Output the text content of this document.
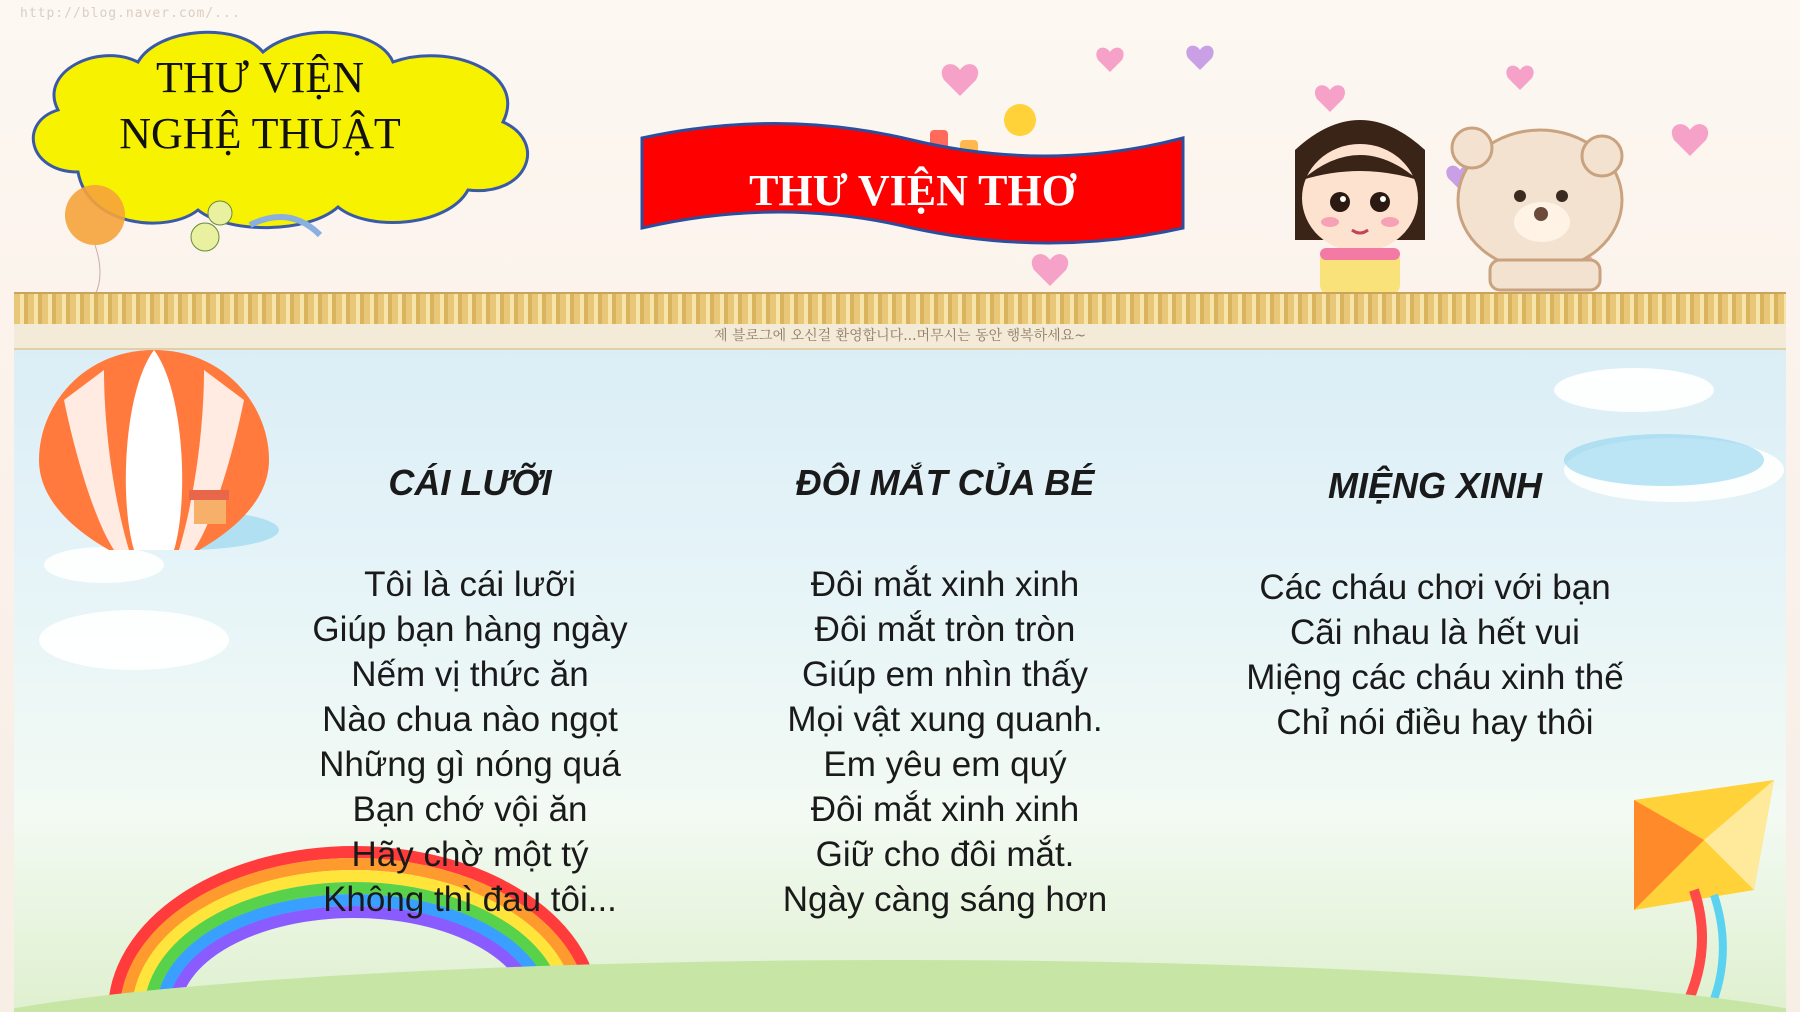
http://blog.naver.com/...
THƯ VIỆN
NGHỆ THUẬT
THƯ VIỆN THƠ
제 블로그에 오신걸 환영합니다...머무시는 동안 행복하세요~
CÁI LƯỠI
Tôi là cái lưỡi
Giúp bạn hàng ngày
Nếm vị thức ăn
Nào chua nào ngọt
Những gì nóng quá
Bạn chớ vội ăn
Hãy chờ một tý
Không thì đau tôi...
ĐÔI MẮT CỦA BÉ
Đôi mắt xinh xinh
Đôi mắt tròn tròn
Giúp em nhìn thấy
Mọi vật xung quanh.
Em yêu em quý
Đôi mắt xinh xinh
Giữ cho đôi mắt.
Ngày càng sáng hơn
MIỆNG XINH
Các cháu chơi với bạn
Cãi nhau là hết vui
Miệng các cháu xinh thế
Chỉ nói điều hay thôi
